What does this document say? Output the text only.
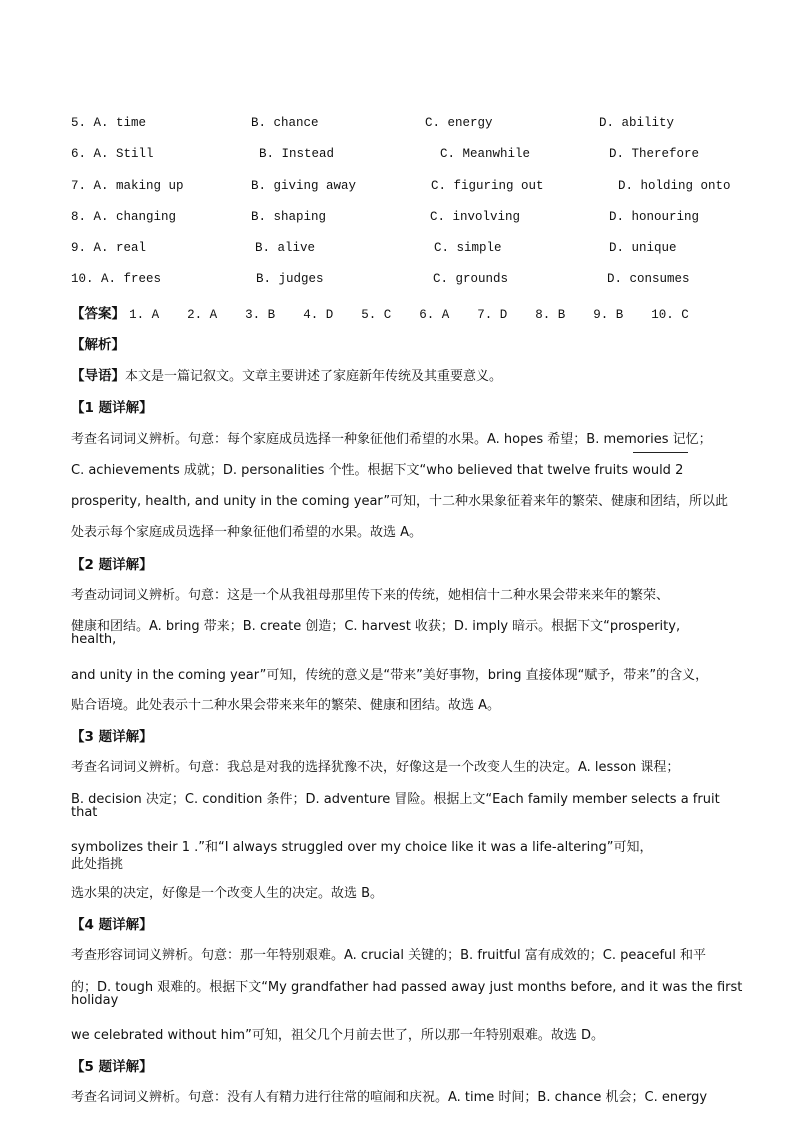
5. A. time	B. chance	C. energy	D. ability
6. A. Still	B. Instead	C. Meanwhile	D. Therefore
7. A. making up	B. giving away	C. figuring out	D. holding onto
8. A. changing	B. shaping	C. involving	D. honouring
9. A. real	B. alive	C. simple	D. unique
10. A. frees	B. judges	C. grounds	D. consumes
【答案】 1. A 2. A 3. B 4. D 5. C 6. A 7. D 8. B 9. B 10. C
【解析】
【导语】本文是一篇记叙文。文章主要讲述了家庭新年传统及其重要意义。
【1 题详解】
考查名词词义辨析。句意：每个家庭成员选择一种象征他们希望的水果。A. hopes 希望；B. memories 记忆；
C. achievements 成就；D. personalities 个性。根据下文“who believed that twelve fruits would 2
prosperity, health, and unity in the coming year”可知，十二种水果象征着来年的繁荣、健康和团结，所以此
处表示每个家庭成员选择一种象征他们希望的水果。故选 A。
【2 题详解】
考查动词词义辨析。句意：这是一个从我祖母那里传下来的传统，她相信十二种水果会带来来年的繁荣、
健康和团结。A. bring 带来；B. create 创造；C. harvest 收获；D. imply 暗示。根据下文“prosperity,
health,
and unity in the coming year”可知，传统的意义是“带来”美好事物，bring 直接体现“赋予，带来”的含义，
贴合语境。此处表示十二种水果会带来来年的繁荣、健康和团结。故选 A。
【3 题详解】
考查名词词义辨析。句意：我总是对我的选择犹豫不决，好像这是一个改变人生的决定。A. lesson 课程；
B. decision 决定；C. condition 条件；D. adventure 冒险。根据上文“Each family member selects a fruit
that
symbolizes their 1 .”和“I always struggled over my choice like it was a life-altering”可知，
此处指挑
选水果的决定，好像是一个改变人生的决定。故选 B。
【4 题详解】
考查形容词词义辨析。句意：那一年特别艰难。A. crucial 关键的；B. fruitful 富有成效的；C. peaceful 和平
的；D. tough 艰难的。根据下文“My grandfather had passed away just months before, and it was the first
holiday
we celebrated without him”可知，祖父几个月前去世了，所以那一年特别艰难。故选 D。
【5 题详解】
考查名词词义辨析。句意：没有人有精力进行往常的喧闹和庆祝。A. time 时间；B. chance 机会；C. energy
